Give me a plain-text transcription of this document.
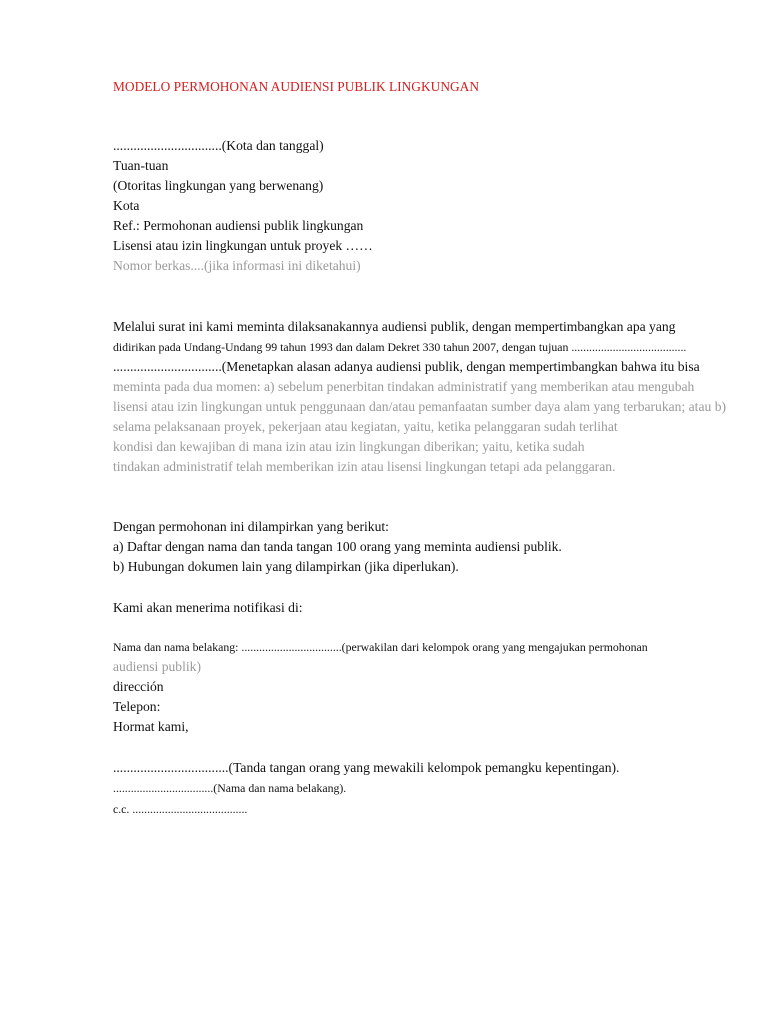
MODELO PERMOHONAN AUDIENSI PUBLIK LINGKUNGAN
................................(Kota dan tanggal)
Tuan-tuan
(Otoritas lingkungan yang berwenang)
Kota
Ref.: Permohonan audiensi publik lingkungan
Lisensi atau izin lingkungan untuk proyek ……
Nomor berkas....(jika informasi ini diketahui)
Melalui surat ini kami meminta dilaksanakannya audiensi publik, dengan mempertimbangkan apa yang
didirikan pada Undang-Undang 99 tahun 1993 dan dalam Dekret 330 tahun 2007, dengan tujuan .......................................
................................(Menetapkan alasan adanya audiensi publik, dengan mempertimbangkan bahwa itu bisa
meminta pada dua momen: a) sebelum penerbitan tindakan administratif yang memberikan atau mengubah
lisensi atau izin lingkungan untuk penggunaan dan/atau pemanfaatan sumber daya alam yang terbarukan; atau b)
selama pelaksanaan proyek, pekerjaan atau kegiatan, yaitu, ketika pelanggaran sudah terlihat
kondisi dan kewajiban di mana izin atau izin lingkungan diberikan; yaitu, ketika sudah
tindakan administratif telah memberikan izin atau lisensi lingkungan tetapi ada pelanggaran.
Dengan permohonan ini dilampirkan yang berikut:
a) Daftar dengan nama dan tanda tangan 100 orang yang meminta audiensi publik.
b) Hubungan dokumen lain yang dilampirkan (jika diperlukan).
Kami akan menerima notifikasi di:
Nama dan nama belakang: ..................................(perwakilan dari kelompok orang yang mengajukan permohonan
audiensi publik)
dirección
Telepon:
Hormat kami,
..................................(Tanda tangan orang yang mewakili kelompok pemangku kepentingan).
..................................(Nama dan nama belakang).
c.c. .......................................
